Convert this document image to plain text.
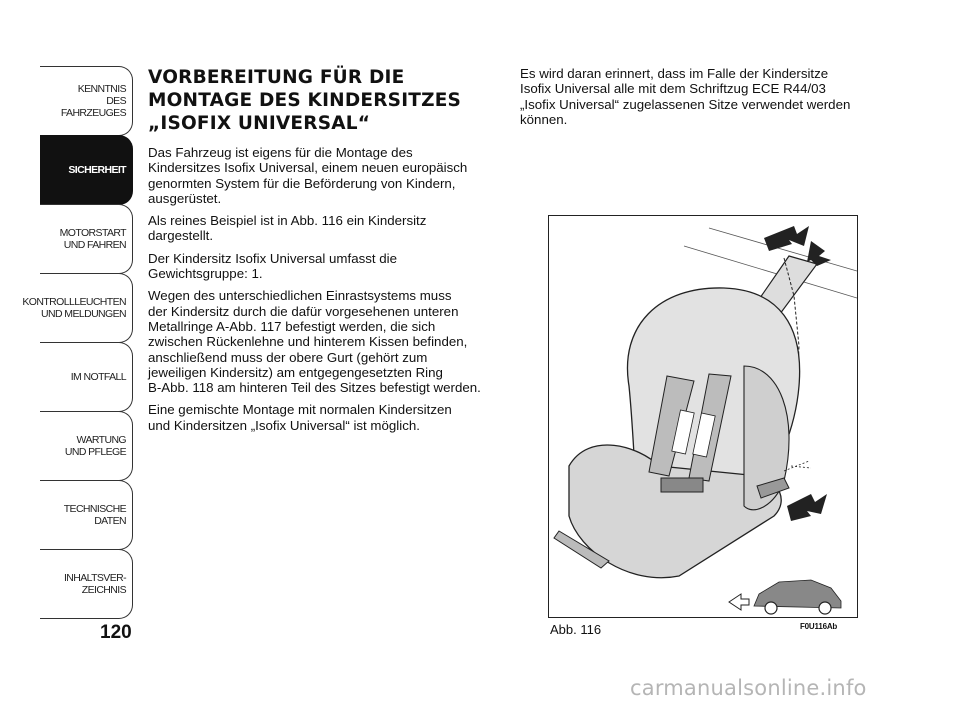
KENNTNIS
DES FAHRZEUGES
SICHERHEIT
MOTORSTART
UND FAHREN
KONTROLLLEUCHTEN
UND MELDUNGEN
IM NOTFALL
WARTUNG
UND PFLEGE
TECHNISCHE
DATEN
INHALTSVER-
ZEICHNIS
120
VORBEREITUNG FÜR DIE MONTAGE DES KINDERSITZES „ISOFIX UNIVERSAL“

Das Fahrzeug ist eigens für die Montage des
Kindersitzes Isofix Universal, einem neuen europäisch
genormten System für die Beförderung von Kindern,
ausgerüstet.

Als reines Beispiel ist in Abb. 116 ein Kindersitz
dargestellt.

Der Kindersitz Isofix Universal umfasst die
Gewichtsgruppe: 1.

Wegen des unterschiedlichen Einrastsystems muss
der Kindersitz durch die dafür vorgesehenen unteren
Metallringe A-Abb. 117 befestigt werden, die sich
zwischen Rückenlehne und hinterem Kissen befinden,
anschließend muss der obere Gurt (gehört zum
jeweiligen Kindersitz) am entgegengesetzten Ring
B-Abb. 118 am hinteren Teil des Sitzes befestigt werden.

Eine gemischte Montage mit normalen Kindersitzen
und Kindersitzen „Isofix Universal“ ist möglich.

Es wird daran erinnert, dass im Falle der Kindersitze
Isofix Universal alle mit dem Schriftzug ECE R44/03
„Isofix Universal“ zugelassenen Sitze verwendet werden
können.

Abb. 116	F0U116Ab
carmanualsonline.info
